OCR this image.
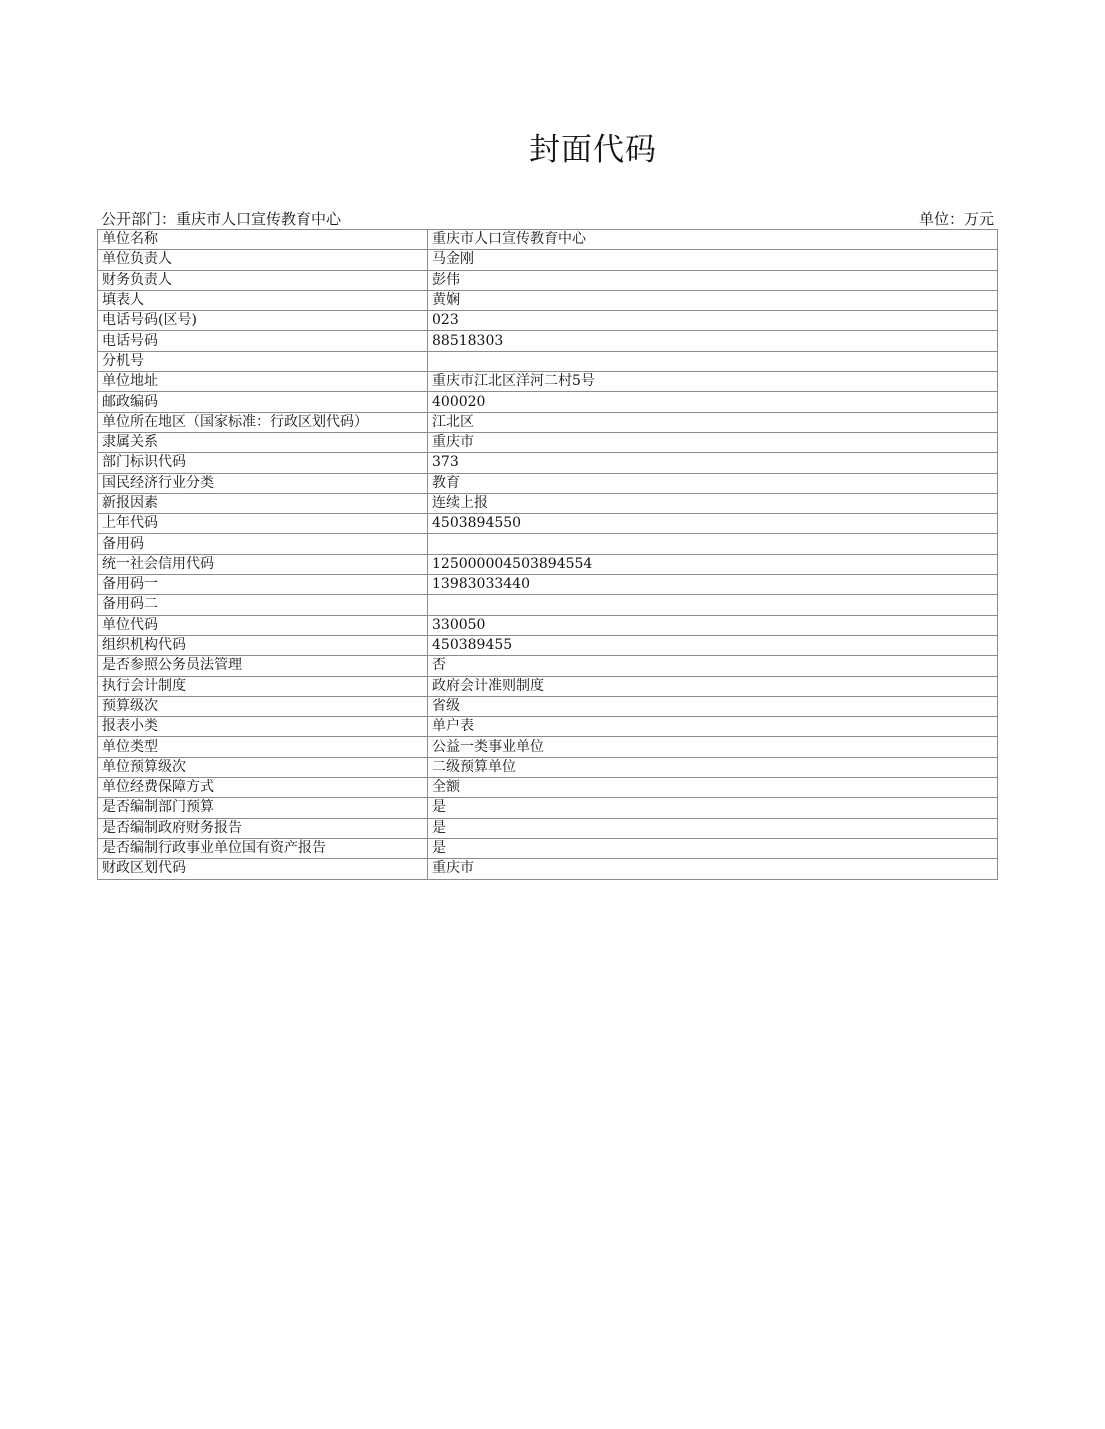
封面代码
公开部门：重庆市人口宣传教育中心	单位：万元
单位名称	重庆市人口宣传教育中心
单位负责人	马金刚
财务负责人	彭伟
填表人	黄娴
电话号码(区号)	023
电话号码	88518303
分机号	
单位地址	重庆市江北区洋河二村5号
邮政编码	400020
单位所在地区（国家标准：行政区划代码）	江北区
隶属关系	重庆市
部门标识代码	373
国民经济行业分类	教育
新报因素	连续上报
上年代码	4503894550
备用码	
统一社会信用代码	125000004503894554
备用码一	13983033440
备用码二	
单位代码	330050
组织机构代码	450389455
是否参照公务员法管理	否
执行会计制度	政府会计准则制度
预算级次	省级
报表小类	单户表
单位类型	公益一类事业单位
单位预算级次	二级预算单位
单位经费保障方式	全额
是否编制部门预算	是
是否编制政府财务报告	是
是否编制行政事业单位国有资产报告	是
财政区划代码	重庆市
